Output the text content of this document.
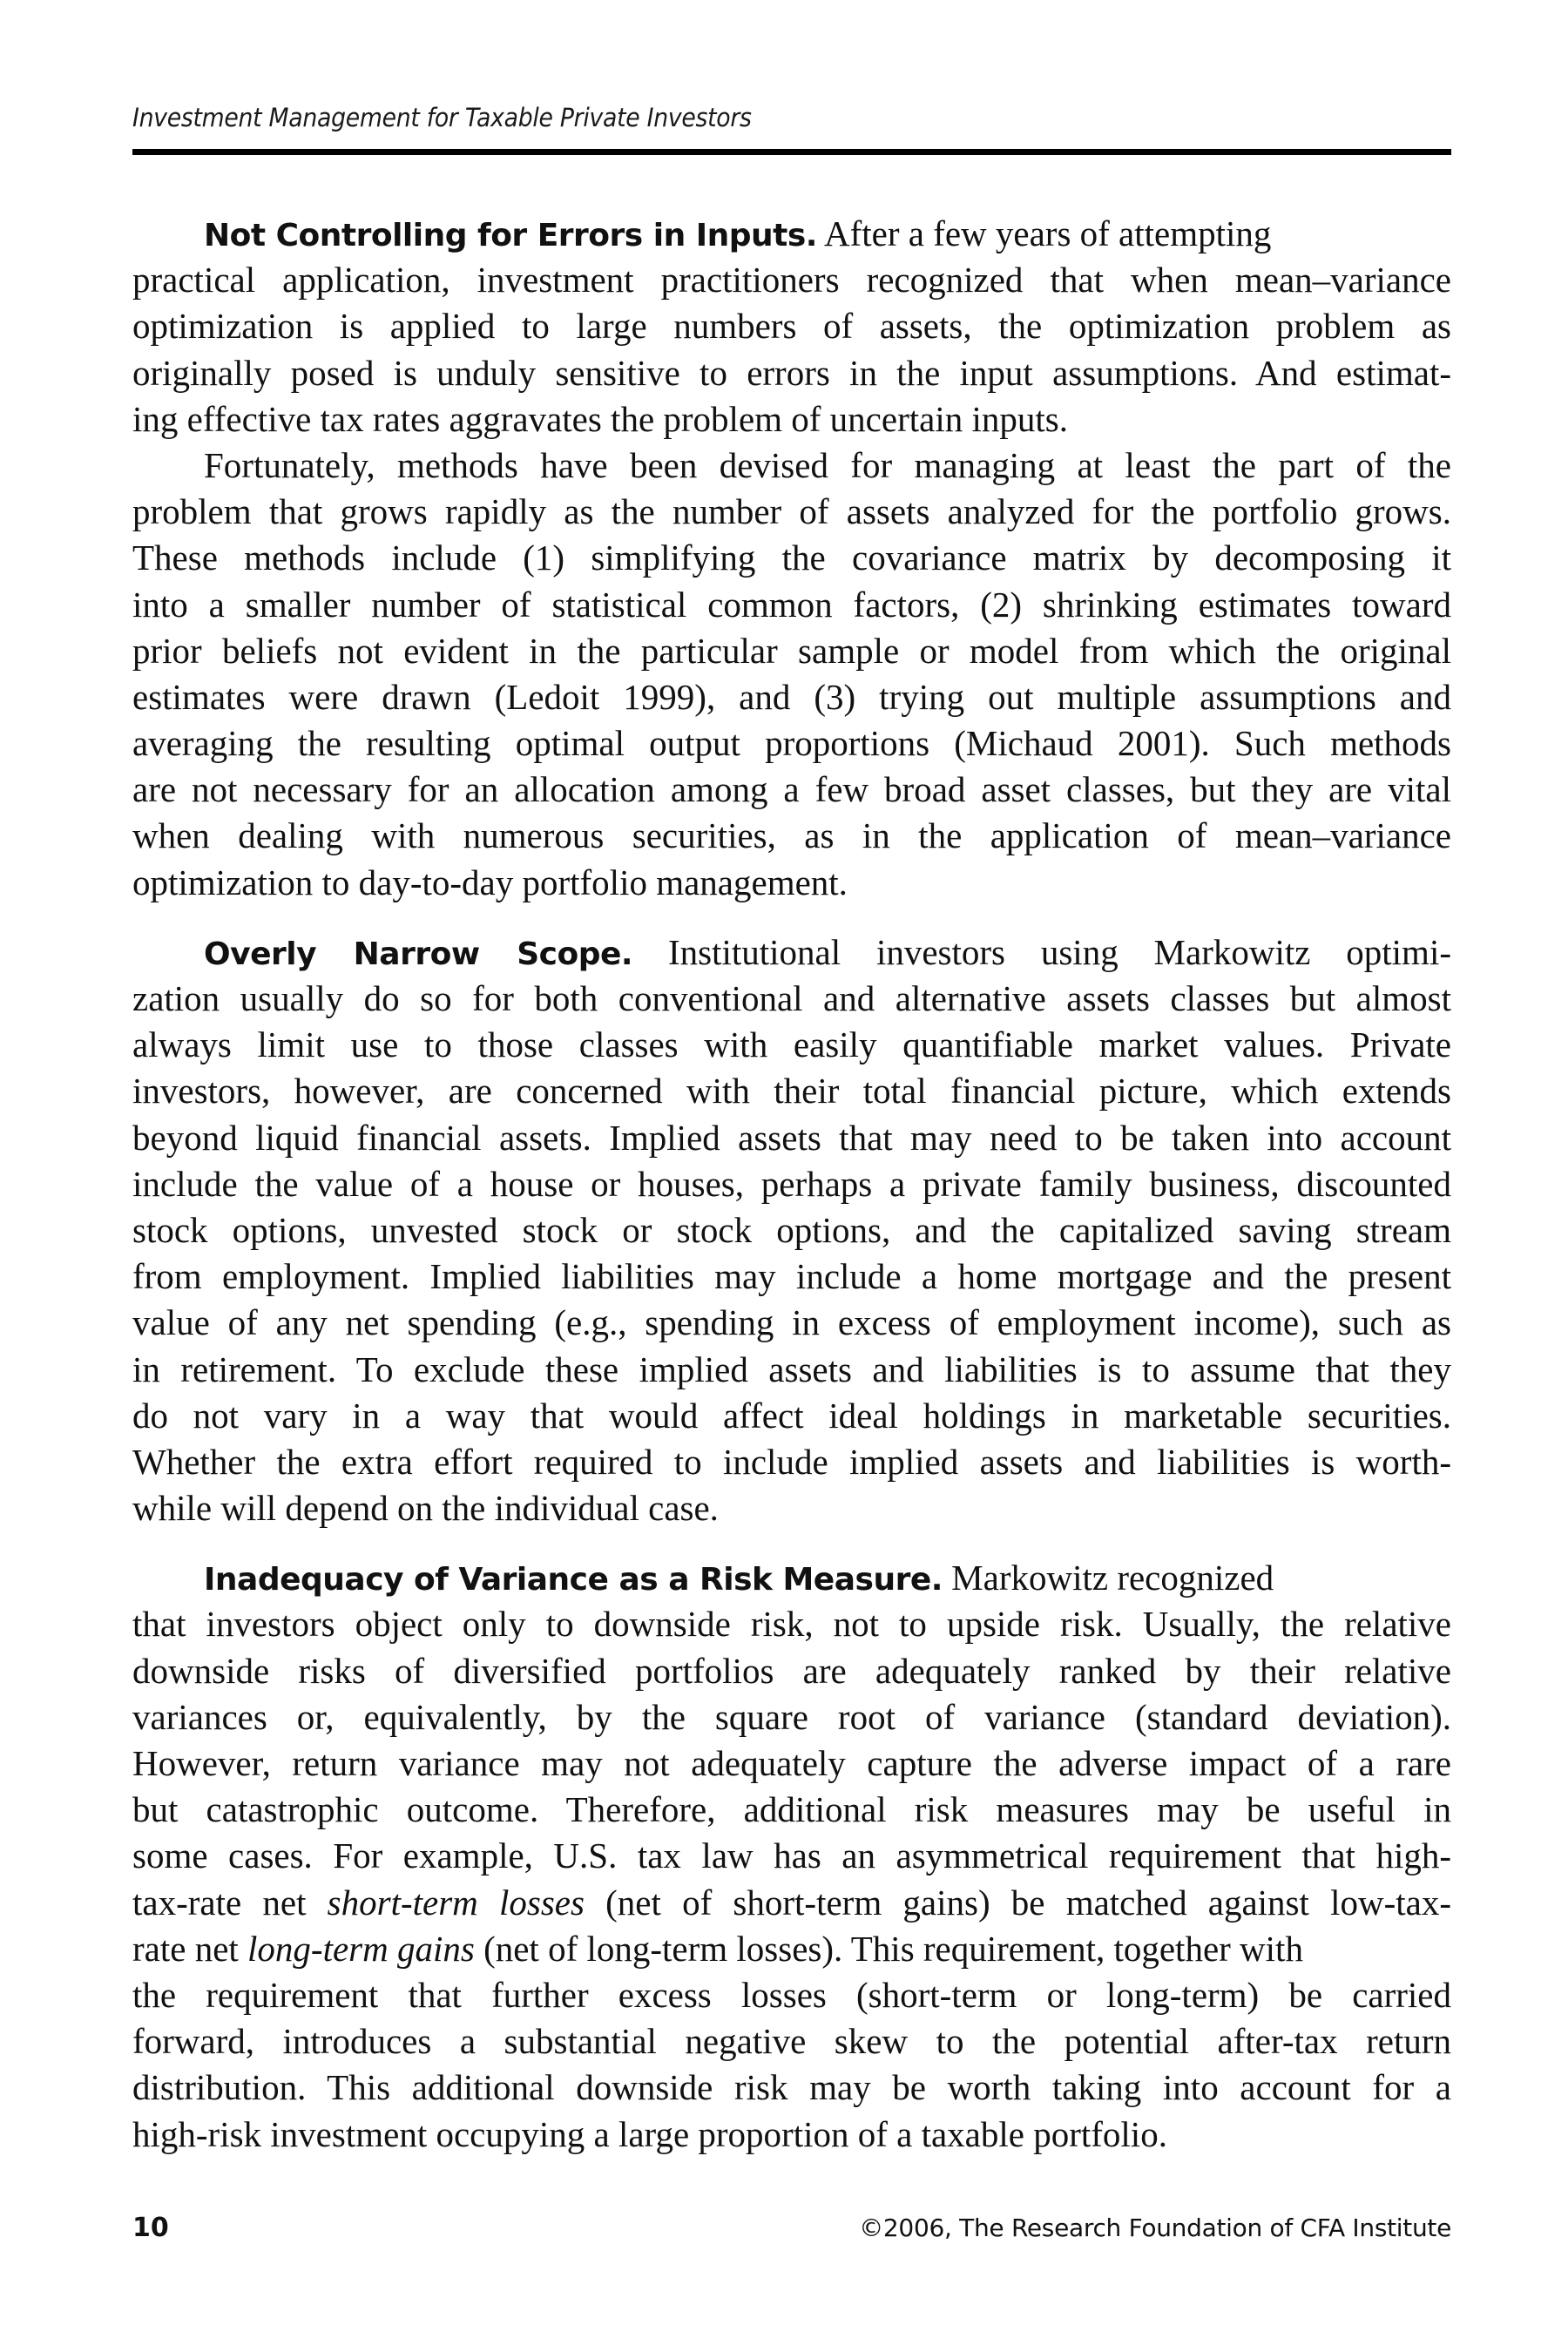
Investment Management for Taxable Private Investors
Not Controlling for Errors in Inputs. After a few years of attempting
practical application, investment practitioners recognized that when mean–variance
optimization is applied to large numbers of assets, the optimization problem as
originally posed is unduly sensitive to errors in the input assumptions. And estimat-
ing effective tax rates aggravates the problem of uncertain inputs.
Fortunately, methods have been devised for managing at least the part of the
problem that grows rapidly as the number of assets analyzed for the portfolio grows.
These methods include (1) simplifying the covariance matrix by decomposing it
into a smaller number of statistical common factors, (2) shrinking estimates toward
prior beliefs not evident in the particular sample or model from which the original
estimates were drawn (Ledoit 1999), and (3) trying out multiple assumptions and
averaging the resulting optimal output proportions (Michaud 2001). Such methods
are not necessary for an allocation among a few broad asset classes, but they are vital
when dealing with numerous securities, as in the application of mean–variance
optimization to day-to-day portfolio management.
Overly Narrow Scope. Institutional investors using Markowitz optimi-
zation usually do so for both conventional and alternative assets classes but almost
always limit use to those classes with easily quantifiable market values. Private
investors, however, are concerned with their total financial picture, which extends
beyond liquid financial assets. Implied assets that may need to be taken into account
include the value of a house or houses, perhaps a private family business, discounted
stock options, unvested stock or stock options, and the capitalized saving stream
from employment. Implied liabilities may include a home mortgage and the present
value of any net spending (e.g., spending in excess of employment income), such as
in retirement. To exclude these implied assets and liabilities is to assume that they
do not vary in a way that would affect ideal holdings in marketable securities.
Whether the extra effort required to include implied assets and liabilities is worth-
while will depend on the individual case.
Inadequacy of Variance as a Risk Measure. Markowitz recognized
that investors object only to downside risk, not to upside risk. Usually, the relative
downside risks of diversified portfolios are adequately ranked by their relative
variances or, equivalently, by the square root of variance (standard deviation).
However, return variance may not adequately capture the adverse impact of a rare
but catastrophic outcome. Therefore, additional risk measures may be useful in
some cases. For example, U.S. tax law has an asymmetrical requirement that high-
tax-rate net short-term losses (net of short-term gains) be matched against low-tax-
rate net long-term gains (net of long-term losses). This requirement, together with
the requirement that further excess losses (short-term or long-term) be carried
forward, introduces a substantial negative skew to the potential after-tax return
distribution. This additional downside risk may be worth taking into account for a
high-risk investment occupying a large proportion of a taxable portfolio.
10	©2006, The Research Foundation of CFA Institute
